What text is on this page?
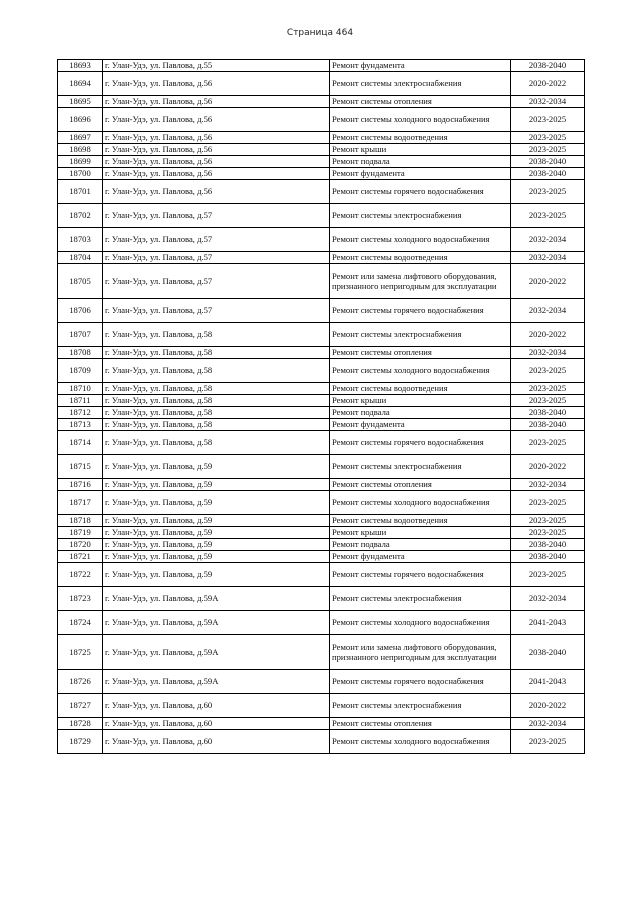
Страница 464
18693	г. Улан-Удэ, ул. Павлова, д.55	Ремонт фундамента	2038-2040
18694	г. Улан-Удэ, ул. Павлова, д.56	Ремонт системы электроснабжения	2020-2022
18695	г. Улан-Удэ, ул. Павлова, д.56	Ремонт системы отопления	2032-2034
18696	г. Улан-Удэ, ул. Павлова, д.56	Ремонт системы холодного водоснабжения	2023-2025
18697	г. Улан-Удэ, ул. Павлова, д.56	Ремонт системы водоотведения	2023-2025
18698	г. Улан-Удэ, ул. Павлова, д.56	Ремонт крыши	2023-2025
18699	г. Улан-Удэ, ул. Павлова, д.56	Ремонт подвала	2038-2040
18700	г. Улан-Удэ, ул. Павлова, д.56	Ремонт фундамента	2038-2040
18701	г. Улан-Удэ, ул. Павлова, д.56	Ремонт системы горячего водоснабжения	2023-2025
18702	г. Улан-Удэ, ул. Павлова, д.57	Ремонт системы электроснабжения	2023-2025
18703	г. Улан-Удэ, ул. Павлова, д.57	Ремонт системы холодного водоснабжения	2032-2034
18704	г. Улан-Удэ, ул. Павлова, д.57	Ремонт системы водоотведения	2032-2034
18705	г. Улан-Удэ, ул. Павлова, д.57	Ремонт или замена лифтового оборудования, признанного непригодным для эксплуатации	2020-2022
18706	г. Улан-Удэ, ул. Павлова, д.57	Ремонт системы горячего водоснабжения	2032-2034
18707	г. Улан-Удэ, ул. Павлова, д.58	Ремонт системы электроснабжения	2020-2022
18708	г. Улан-Удэ, ул. Павлова, д.58	Ремонт системы отопления	2032-2034
18709	г. Улан-Удэ, ул. Павлова, д.58	Ремонт системы холодного водоснабжения	2023-2025
18710	г. Улан-Удэ, ул. Павлова, д.58	Ремонт системы водоотведения	2023-2025
18711	г. Улан-Удэ, ул. Павлова, д.58	Ремонт крыши	2023-2025
18712	г. Улан-Удэ, ул. Павлова, д.58	Ремонт подвала	2038-2040
18713	г. Улан-Удэ, ул. Павлова, д.58	Ремонт фундамента	2038-2040
18714	г. Улан-Удэ, ул. Павлова, д.58	Ремонт системы горячего водоснабжения	2023-2025
18715	г. Улан-Удэ, ул. Павлова, д.59	Ремонт системы электроснабжения	2020-2022
18716	г. Улан-Удэ, ул. Павлова, д.59	Ремонт системы отопления	2032-2034
18717	г. Улан-Удэ, ул. Павлова, д.59	Ремонт системы холодного водоснабжения	2023-2025
18718	г. Улан-Удэ, ул. Павлова, д.59	Ремонт системы водоотведения	2023-2025
18719	г. Улан-Удэ, ул. Павлова, д.59	Ремонт крыши	2023-2025
18720	г. Улан-Удэ, ул. Павлова, д.59	Ремонт подвала	2038-2040
18721	г. Улан-Удэ, ул. Павлова, д.59	Ремонт фундамента	2038-2040
18722	г. Улан-Удэ, ул. Павлова, д.59	Ремонт системы горячего водоснабжения	2023-2025
18723	г. Улан-Удэ, ул. Павлова, д.59А	Ремонт системы электроснабжения	2032-2034
18724	г. Улан-Удэ, ул. Павлова, д.59А	Ремонт системы холодного водоснабжения	2041-2043
18725	г. Улан-Удэ, ул. Павлова, д.59А	Ремонт или замена лифтового оборудования, признанного непригодным для эксплуатации	2038-2040
18726	г. Улан-Удэ, ул. Павлова, д.59А	Ремонт системы горячего водоснабжения	2041-2043
18727	г. Улан-Удэ, ул. Павлова, д.60	Ремонт системы электроснабжения	2020-2022
18728	г. Улан-Удэ, ул. Павлова, д.60	Ремонт системы отопления	2032-2034
18729	г. Улан-Удэ, ул. Павлова, д.60	Ремонт системы холодного водоснабжения	2023-2025
